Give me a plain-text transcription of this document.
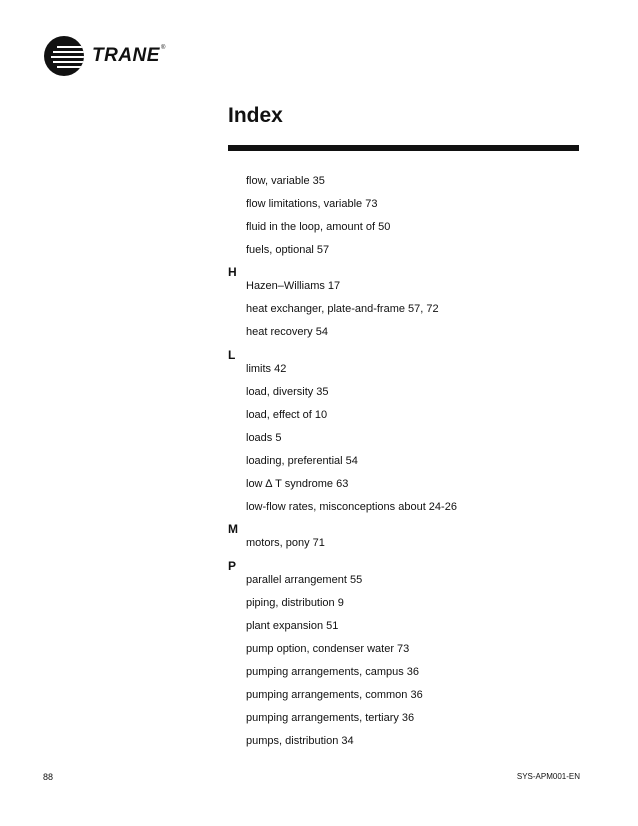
TRANE®
Index
flow, variable 35
flow limitations, variable 73
fluid in the loop, amount of 50
fuels, optional 57
H
Hazen–Williams 17
heat exchanger, plate-and-frame 57, 72
heat recovery 54
L
limits 42
load, diversity 35
load, effect of 10
loads 5
loading, preferential 54
low ∆ T syndrome 63
low-flow rates, misconceptions about 24-26
M
motors, pony 71
P
parallel arrangement 55
piping, distribution 9
plant expansion 51
pump option, condenser water 73
pumping arrangements, campus 36
pumping arrangements, common 36
pumping arrangements, tertiary 36
pumps, distribution 34
88	SYS-APM001-EN
